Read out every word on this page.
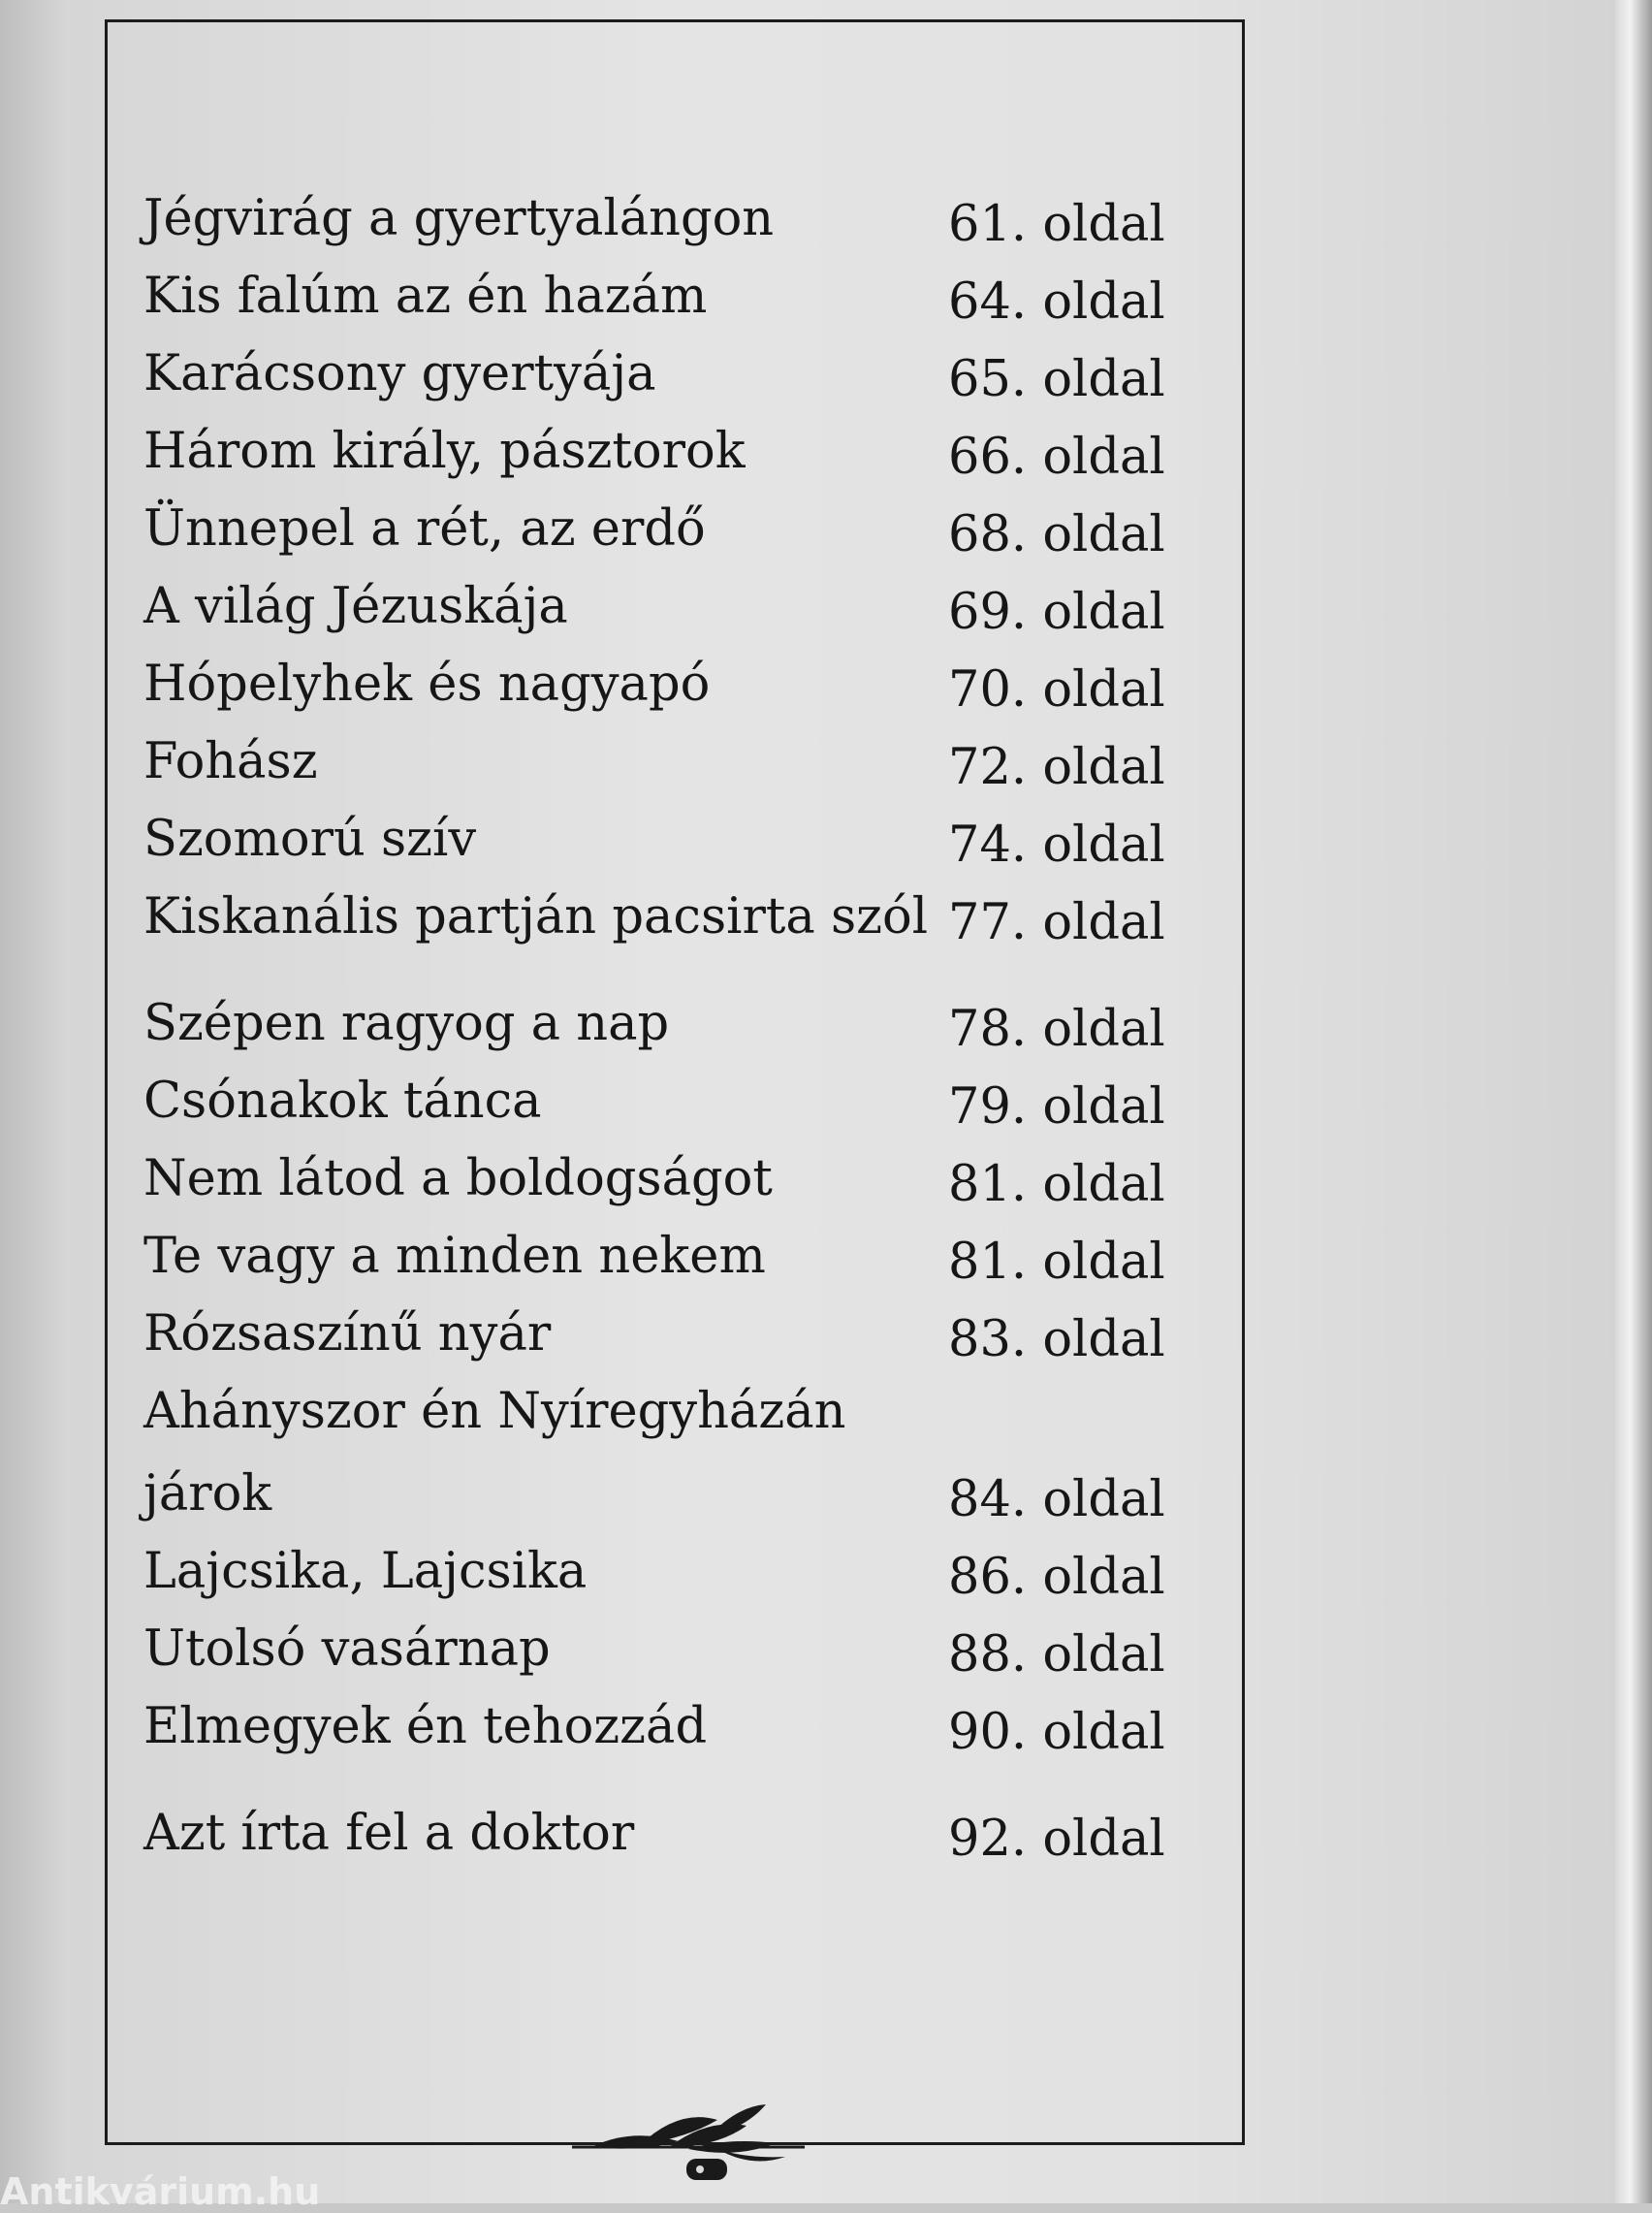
Jégvirág a gyertyalángon	61. oldal
Kis falúm az én hazám	64. oldal
Karácsony gyertyája	65. oldal
Három király, pásztorok	66. oldal
Ünnepel a rét, az erdő	68. oldal
A világ Jézuskája	69. oldal
Hópelyhek és nagyapó	70. oldal
Fohász	72. oldal
Szomorú szív	74. oldal
Kiskanális partján pacsirta szól 77. oldal
Szépen ragyog a nap	78. oldal
Csónakok tánca	79. oldal
Nem látod a boldogságot	81. oldal
Te vagy a minden nekem	81. oldal
Rózsaszínű nyár	83. oldal
Ahányszor én Nyíregyházán
járok	84. oldal
Lajcsika, Lajcsika	86. oldal
Utolsó vasárnap	88. oldal
Elmegyek én tehozzád	90. oldal
Azt írta fel a doktor	92. oldal
Antikvárium.hu
